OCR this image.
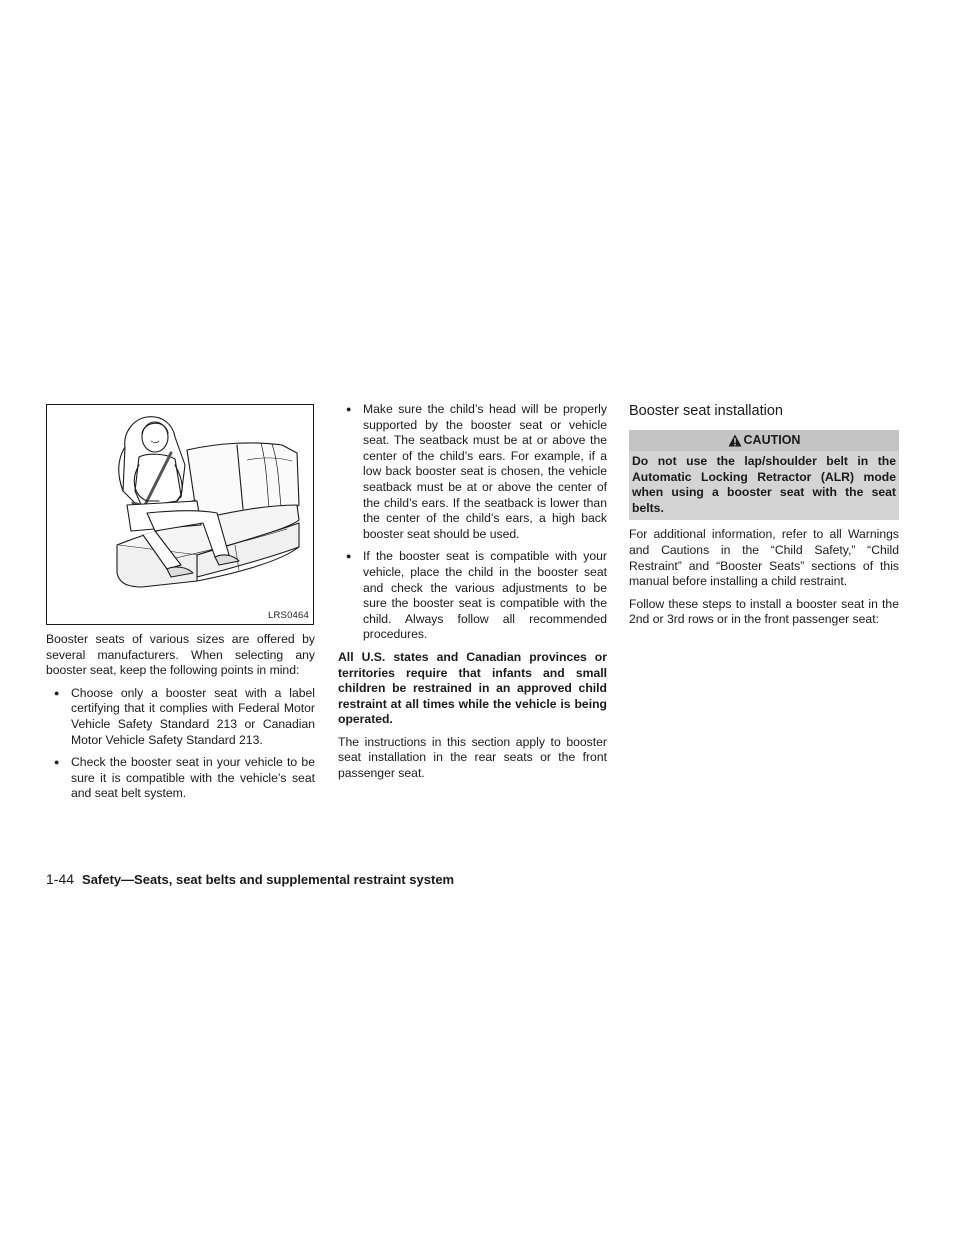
LRS0464

Booster seats of various sizes are offered by several manufacturers. When selecting any booster seat, keep the following points in mind:

● Choose only a booster seat with a label certifying that it complies with Federal Motor Vehicle Safety Standard 213 or Canadian Motor Vehicle Safety Standard 213.
● Check the booster seat in your vehicle to be sure it is compatible with the vehicle’s seat and seat belt system.
● Make sure the child’s head will be properly supported by the booster seat or vehicle seat. The seatback must be at or above the center of the child’s ears. For example, if a low back booster seat is chosen, the vehicle seatback must be at or above the center of the child’s ears. If the seatback is lower than the center of the child’s ears, a high back booster seat should be used.
● If the booster seat is compatible with your vehicle, place the child in the booster seat and check the various adjustments to be sure the booster seat is compatible with the child. Always follow all recommended procedures.

All U.S. states and Canadian provinces or territories require that infants and small children be restrained in an approved child restraint at all times while the vehicle is being operated.

The instructions in this section apply to booster seat installation in the rear seats or the front passenger seat.

Booster seat installation
CAUTION
Do not use the lap/shoulder belt in the Automatic Locking Retractor (ALR) mode when using a booster seat with the seat belts.

For additional information, refer to all Warnings and Cautions in the “Child Safety,” “Child Restraint” and “Booster Seats” sections of this manual before installing a child restraint.

Follow these steps to install a booster seat in the 2nd or 3rd rows or in the front passenger seat:

1-44 Safety—Seats, seat belts and supplemental restraint system
